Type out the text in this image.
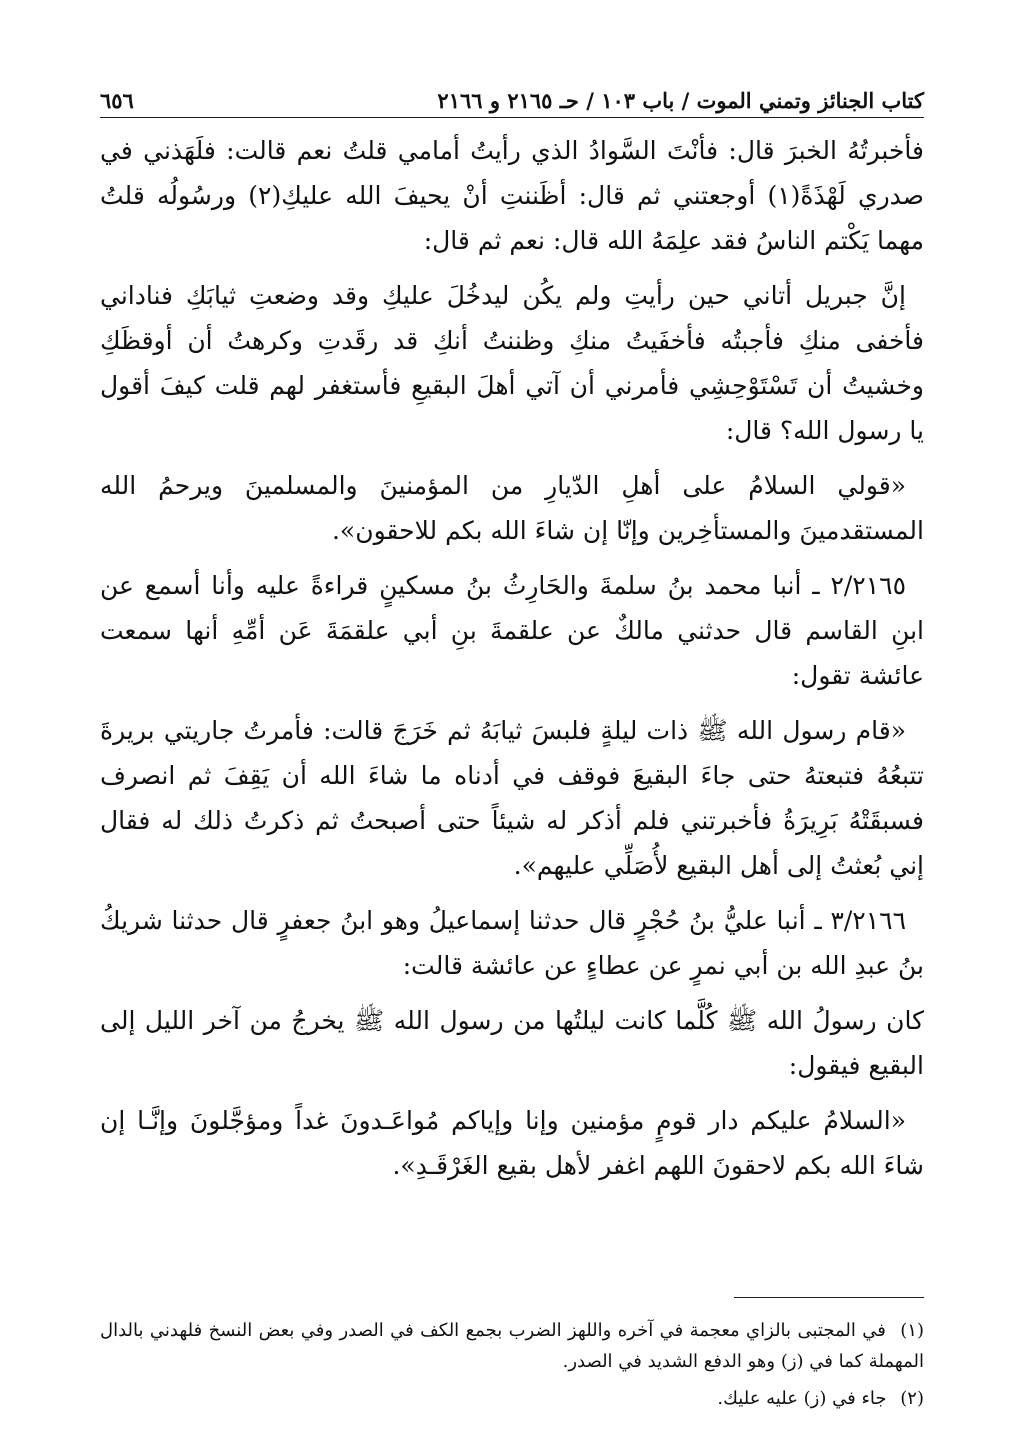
كتاب الجنائز وتمني الموت / باب ١٠٣ / حـ ٢١٦٥ و ٢١٦٦
٦٥٦

فأخبرتُهُ الخبرَ قال: فأنْتَ السَّوادُ الذي رأيتُ أمامي قلتُ نعم قالت: فلَهَذني في صدري لَهْذَةً(١) أوجعتني ثم قال: أظَننتِ أنْ يحيفَ الله عليكِ(٢) ورسُولُه قلتُ مهما يَكْتم الناسُ فقد علِمَهُ الله قال: نعم ثم قال:

إنَّ جبريل أتاني حين رأيتِ ولم يكُن ليدخُلَ عليكِ وقد وضعتِ ثيابَكِ فناداني فأخفى منكِ فأجبتُه فأخفَيتُ منكِ وظننتُ أنكِ قد رقَدتِ وكرهتُ أن أوقظَكِ وخشيتُ أن تَسْتَوْحِشِي فأمرني أن آتي أهلَ البقيعِ فأستغفر لهم قلت كيفَ أقول يا رسول الله؟ قال:

«قولي السلامُ على أهلِ الدّيارِ من المؤمنينَ والمسلمينَ ويرحمُ الله المستقدمينَ والمستأخِرين وإنّا إن شاءَ الله بكم للاحقون».

٢/٢١٦٥ ـ أنبا محمد بنُ سلمةَ والحَارِثُ بنُ مسكينٍ قراءةً عليه وأنا أسمع عن ابنِ القاسم قال حدثني مالكٌ عن علقمةَ بنِ أبي علقمَةَ عَن أمِّهِ أنها سمعت عائشة تقول:

«قام رسول الله ﷺ ذات ليلةٍ فلبسَ ثيابَهُ ثم خَرَجَ قالت: فأمرتُ جاريتي بريرةَ تتبعُهُ فتبعتهُ حتى جاءَ البقيعَ فوقف في أدناه ما شاءَ الله أن يَقِفَ ثم انصرف فسبقَتْهُ بَرِيرَةُ فأخبرتني فلم أذكر له شيئاً حتى أصبحتُ ثم ذكرتُ ذلك له فقال إني بُعثتُ إلى أهل البقيع لأُصَلِّي عليهم».

٣/٢١٦٦ ـ أنبا عليُّ بنُ حُجْرٍ قال حدثنا إسماعيلُ وهو ابنُ جعفرٍ قال حدثنا شريكُ بنُ عبدِ الله بن أبي نمرٍ عن عطاءٍ عن عائشة قالت:

كان رسولُ الله ﷺ كُلَّما كانت ليلتُها من رسول الله ﷺ يخرجُ من آخر الليل إلى البقيع فيقول:

«السلامُ عليكم دار قومٍ مؤمنين وإنا وإياكم مُواعَـدونَ غداً ومؤجَّلونَ وإنَّـا إن شاءَ الله بكم لاحقونَ اللهم اغفر لأهل بقيع الغَرْقَـدِ».

(١) في المجتبى بالزاي معجمة في آخره واللهز الضرب بجمع الكف في الصدر وفي بعض النسخ فلهدني بالدال المهملة كما في (ز) وهو الدفع الشديد في الصدر.

(٢) جاء في (ز) عليه عليك.
